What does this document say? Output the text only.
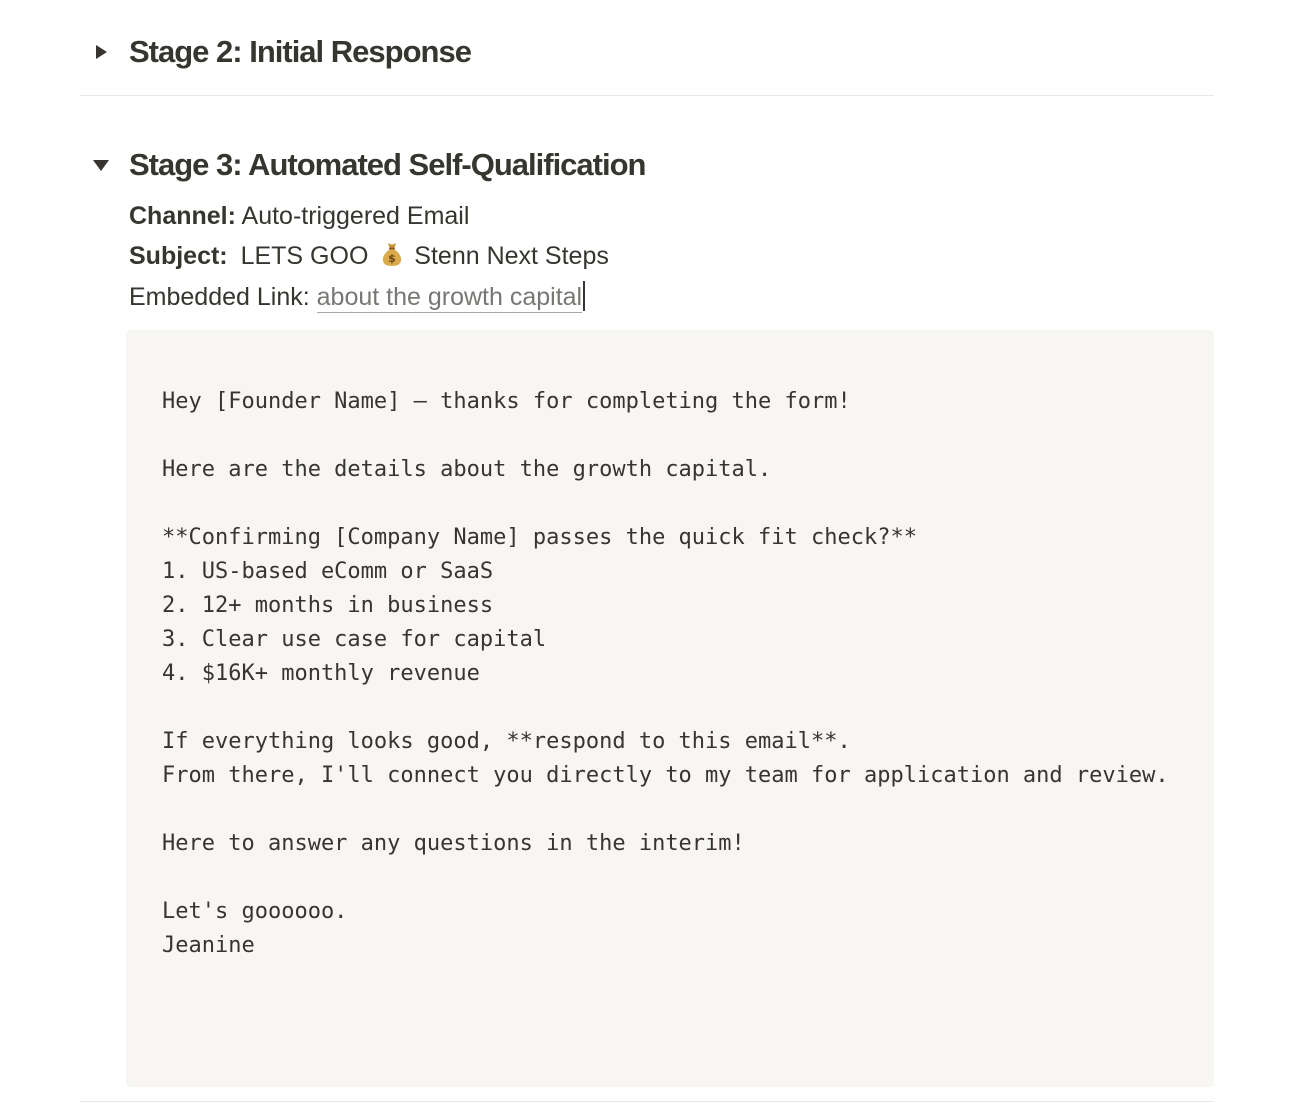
Stage 2: Initial Response
Stage 3: Automated Self-Qualification
Channel: Auto-triggered Email
Subject: LETS GOO $ Stenn Next Steps
Embedded Link: about the growth capital
Hey [Founder Name] – thanks for completing the form!

Here are the details about the growth capital.

**Confirming [Company Name] passes the quick fit check?**
1. US-based eComm or SaaS
2. 12+ months in business
3. Clear use case for capital
4. $16K+ monthly revenue

If everything looks good, **respond to this email**.
From there, I'll connect you directly to my team for application and review.

Here to answer any questions in the interim!

Let's goooooo.
Jeanine
